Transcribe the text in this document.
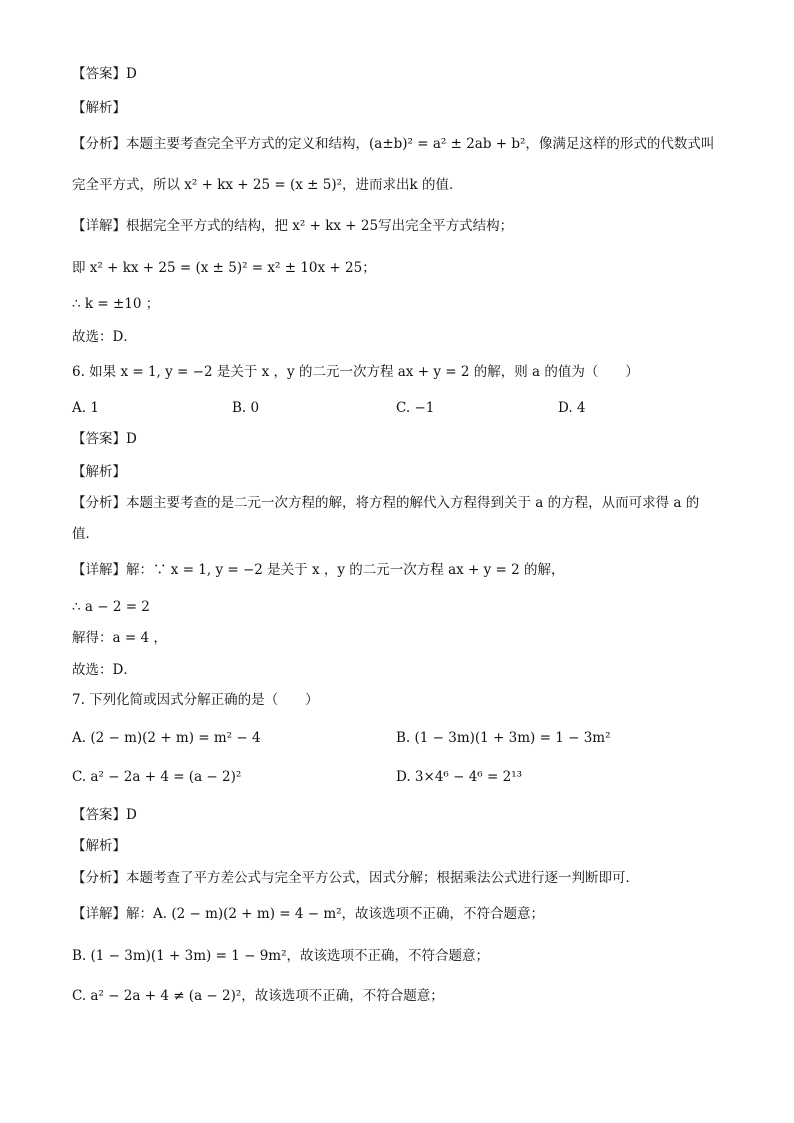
【答案】D
【解析】
【分析】本题主要考查完全平方式的定义和结构，(a±b)² = a² ± 2ab + b²，像满足这样的形式的代数式叫
完全平方式，所以 x² + kx + 25 = (x ± 5)²，进而求出k 的值．
【详解】根据完全平方式的结构，把 x² + kx + 25写出完全平方式结构；
即 x² + kx + 25 = (x ± 5)² = x² ± 10x + 25；
∴ k = ±10 ；
故选：D．
6. 如果 x = 1, y = −2 是关于 x ，y 的二元一次方程 ax + y = 2 的解，则 a 的值为（　　）
A. 1	B. 0	C. −1	D. 4
【答案】D
【解析】
【分析】本题主要考查的是二元一次方程的解，将方程的解代入方程得到关于 a 的方程，从而可求得 a 的
值．
【详解】解：∵ x = 1, y = −2 是关于 x ，y 的二元一次方程 ax + y = 2 的解，
∴ a − 2 = 2
解得：a = 4 ，
故选：D．
7. 下列化简或因式分解正确的是（　　）
A. (2 − m)(2 + m) = m² − 4	B. (1 − 3m)(1 + 3m) = 1 − 3m²
C. a² − 2a + 4 = (a − 2)²	D. 3×4⁶ − 4⁶ = 2¹³
【答案】D
【解析】
【分析】本题考查了平方差公式与完全平方公式，因式分解；根据乘法公式进行逐一判断即可．
【详解】解：A. (2 − m)(2 + m) = 4 − m²，故该选项不正确，不符合题意；
B. (1 − 3m)(1 + 3m) = 1 − 9m²，故该选项不正确，不符合题意；
C. a² − 2a + 4 ≠ (a − 2)²，故该选项不正确，不符合题意；
